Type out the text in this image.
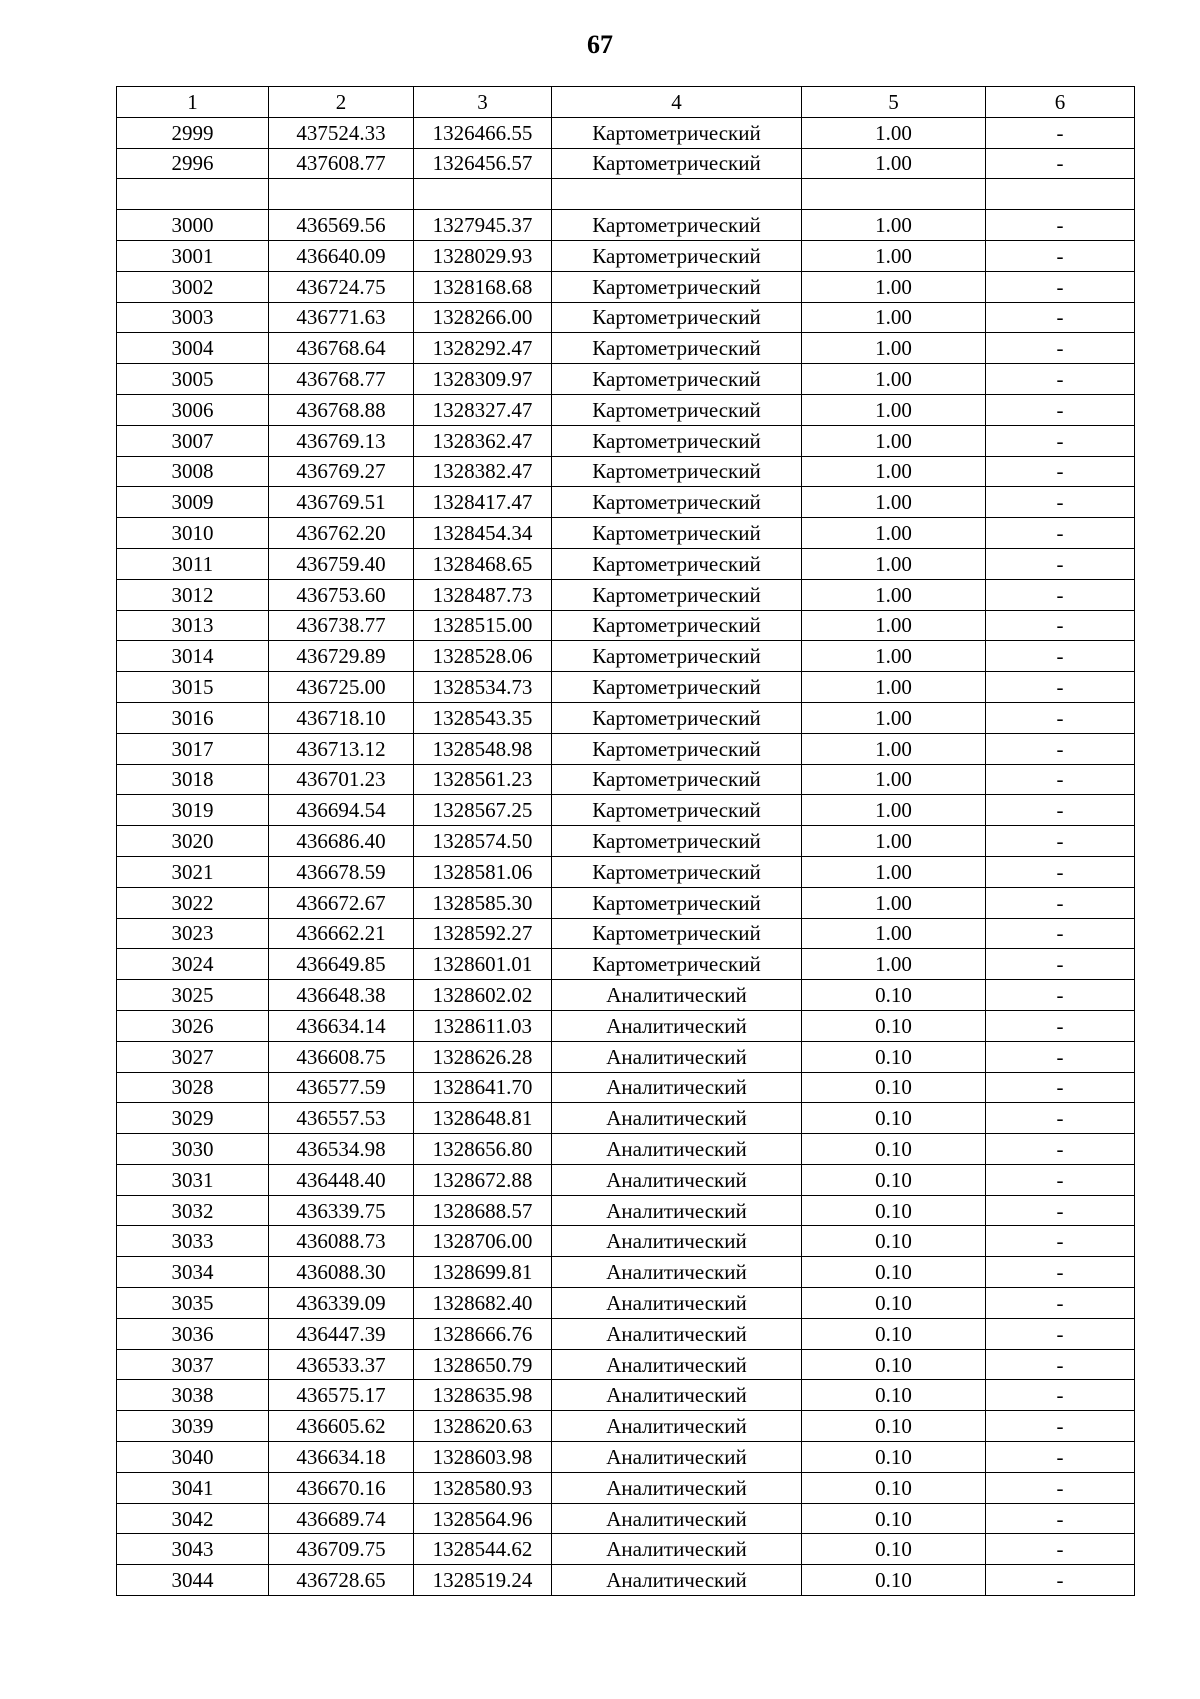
67
1	2	3	4	5	6
2999	437524.33	1326466.55	Картометрический	1.00	-
2996	437608.77	1326456.57	Картометрический	1.00	-

3000	436569.56	1327945.37	Картометрический	1.00	-
3001	436640.09	1328029.93	Картометрический	1.00	-
3002	436724.75	1328168.68	Картометрический	1.00	-
3003	436771.63	1328266.00	Картометрический	1.00	-
3004	436768.64	1328292.47	Картометрический	1.00	-
3005	436768.77	1328309.97	Картометрический	1.00	-
3006	436768.88	1328327.47	Картометрический	1.00	-
3007	436769.13	1328362.47	Картометрический	1.00	-
3008	436769.27	1328382.47	Картометрический	1.00	-
3009	436769.51	1328417.47	Картометрический	1.00	-
3010	436762.20	1328454.34	Картометрический	1.00	-
3011	436759.40	1328468.65	Картометрический	1.00	-
3012	436753.60	1328487.73	Картометрический	1.00	-
3013	436738.77	1328515.00	Картометрический	1.00	-
3014	436729.89	1328528.06	Картометрический	1.00	-
3015	436725.00	1328534.73	Картометрический	1.00	-
3016	436718.10	1328543.35	Картометрический	1.00	-
3017	436713.12	1328548.98	Картометрический	1.00	-
3018	436701.23	1328561.23	Картометрический	1.00	-
3019	436694.54	1328567.25	Картометрический	1.00	-
3020	436686.40	1328574.50	Картометрический	1.00	-
3021	436678.59	1328581.06	Картометрический	1.00	-
3022	436672.67	1328585.30	Картометрический	1.00	-
3023	436662.21	1328592.27	Картометрический	1.00	-
3024	436649.85	1328601.01	Картометрический	1.00	-
3025	436648.38	1328602.02	Аналитический	0.10	-
3026	436634.14	1328611.03	Аналитический	0.10	-
3027	436608.75	1328626.28	Аналитический	0.10	-
3028	436577.59	1328641.70	Аналитический	0.10	-
3029	436557.53	1328648.81	Аналитический	0.10	-
3030	436534.98	1328656.80	Аналитический	0.10	-
3031	436448.40	1328672.88	Аналитический	0.10	-
3032	436339.75	1328688.57	Аналитический	0.10	-
3033	436088.73	1328706.00	Аналитический	0.10	-
3034	436088.30	1328699.81	Аналитический	0.10	-
3035	436339.09	1328682.40	Аналитический	0.10	-
3036	436447.39	1328666.76	Аналитический	0.10	-
3037	436533.37	1328650.79	Аналитический	0.10	-
3038	436575.17	1328635.98	Аналитический	0.10	-
3039	436605.62	1328620.63	Аналитический	0.10	-
3040	436634.18	1328603.98	Аналитический	0.10	-
3041	436670.16	1328580.93	Аналитический	0.10	-
3042	436689.74	1328564.96	Аналитический	0.10	-
3043	436709.75	1328544.62	Аналитический	0.10	-
3044	436728.65	1328519.24	Аналитический	0.10	-
